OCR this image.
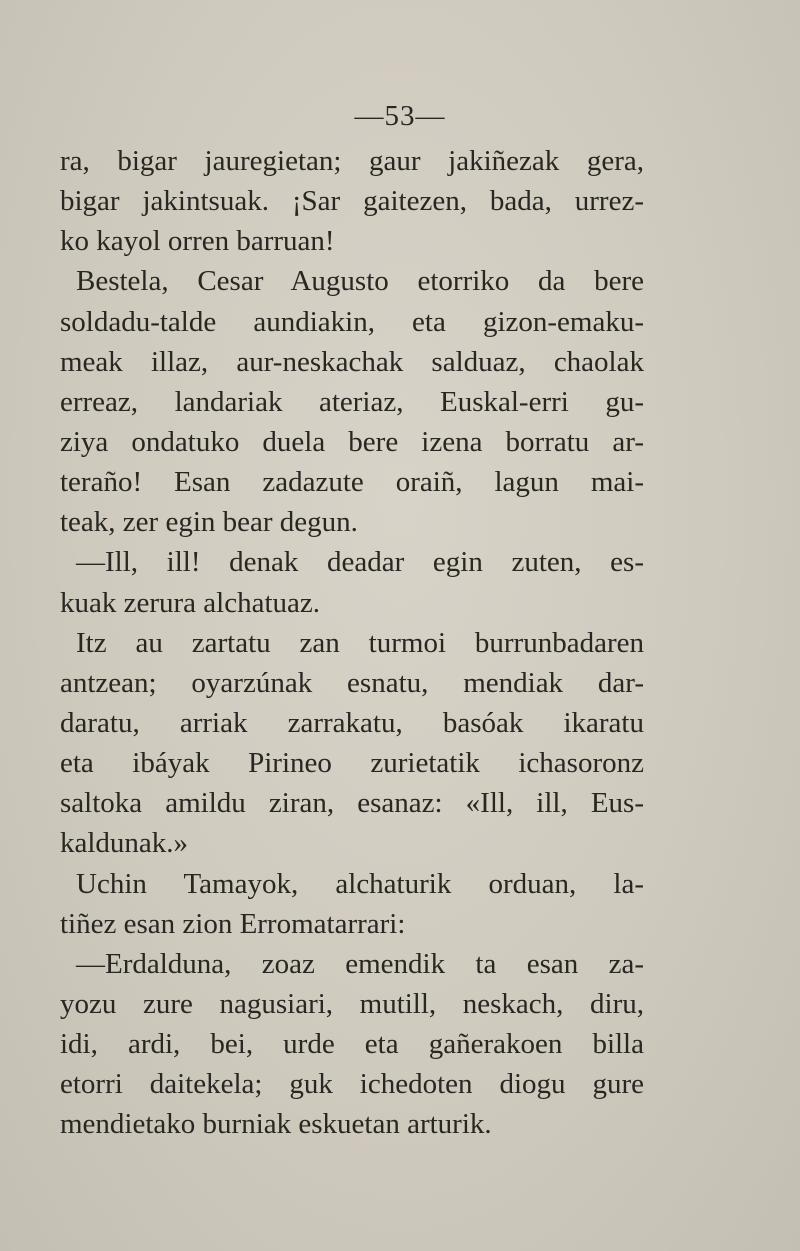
—53—
ra, bigar jauregietan; gaur jakiñezak gera,
bigar jakintsuak. ¡Sar gaitezen, bada, urrez-
ko kayol orren barruan!
Bestela, Cesar Augusto etorriko da bere
soldadu-talde aundiakin, eta gizon-emaku-
meak illaz, aur-neskachak salduaz, chaolak
erreaz, landariak ateriaz, Euskal-erri gu-
ziya ondatuko duela bere izena borratu ar-
teraño! Esan zadazute oraiñ, lagun mai-
teak, zer egin bear degun.
—Ill, ill! denak deadar egin zuten, es-
kuak zerura alchatuaz.
Itz au zartatu zan turmoi burrunbadaren
antzean; oyarzúnak esnatu, mendiak dar-
daratu, arriak zarrakatu, basóak ikaratu
eta ibáyak Pirineo zurietatik ichasoronz
saltoka amildu ziran, esanaz: «Ill, ill, Eus-
kaldunak.»
Uchin Tamayok, alchaturik orduan, la-
tiñez esan zion Erromatarrari:
—Erdalduna, zoaz emendik ta esan za-
yozu zure nagusiari, mutill, neskach, diru,
idi, ardi, bei, urde eta gañerakoen billa
etorri daitekela; guk ichedoten diogu gure
mendietako burniak eskuetan arturik.
